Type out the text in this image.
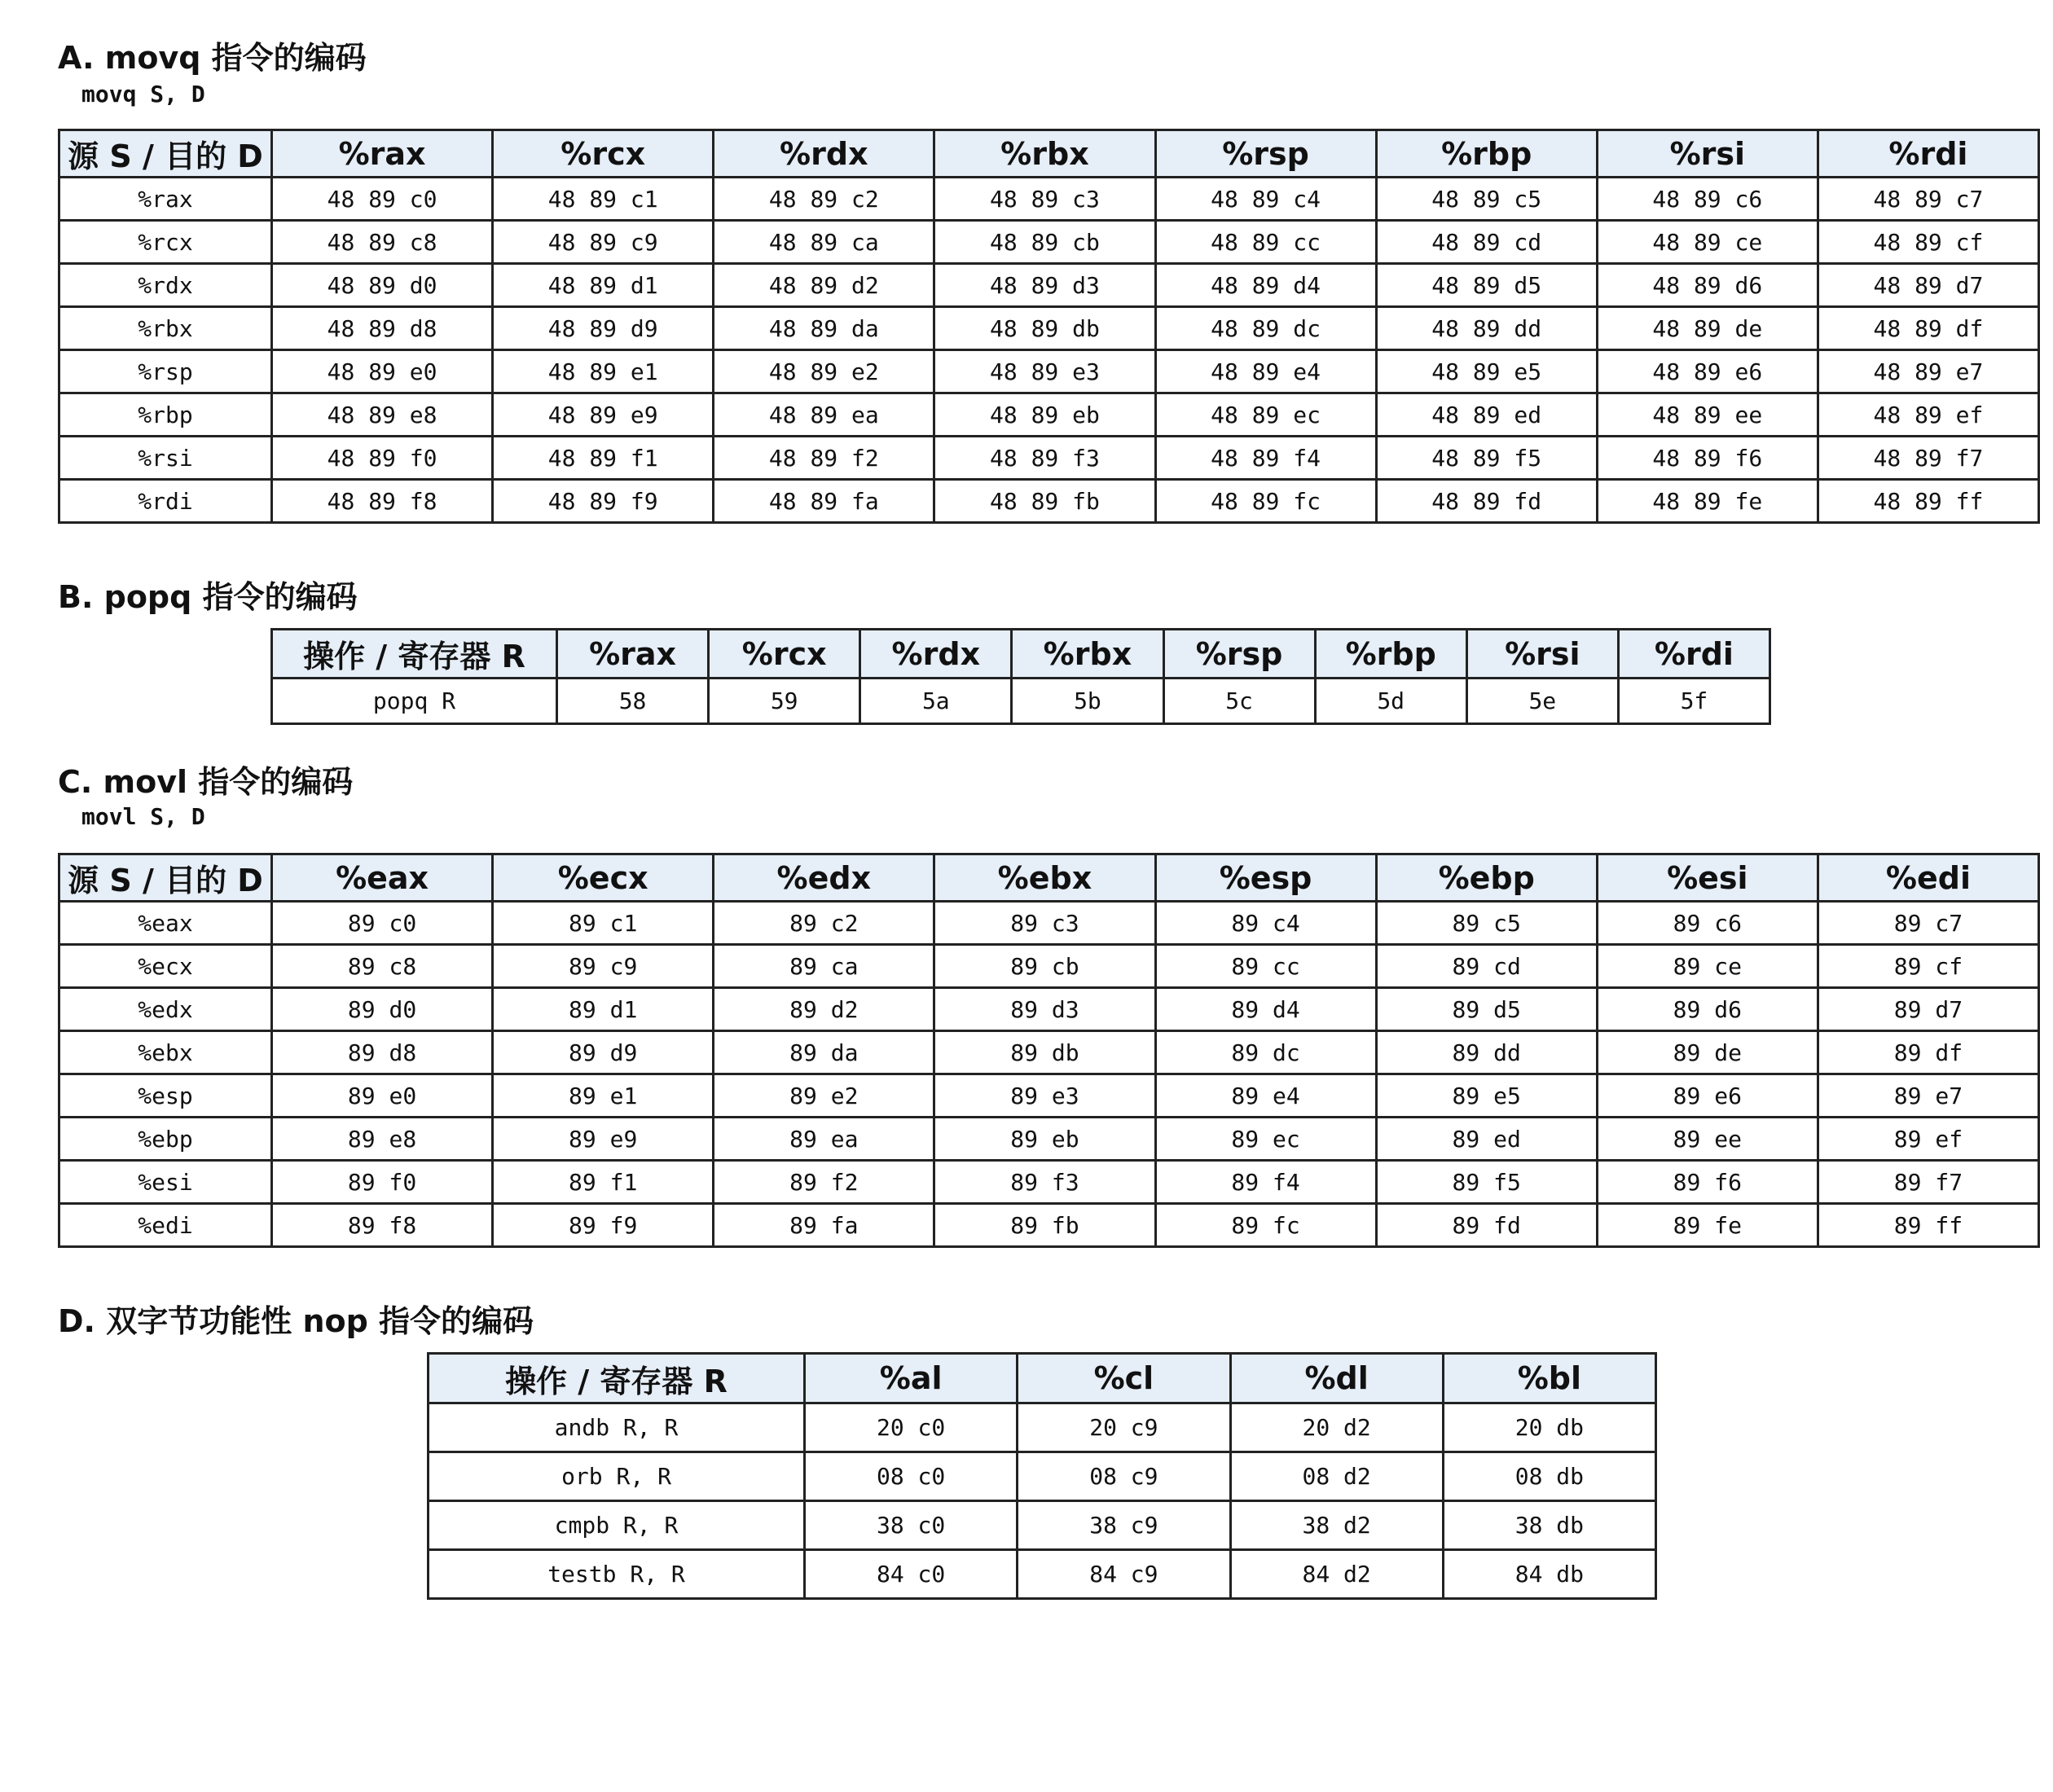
A. movq 指令的编码
movq S, D
源 S / 目的 D	%rax	%rcx	%rdx	%rbx	%rsp	%rbp	%rsi	%rdi
%rax	48 89 c0	48 89 c1	48 89 c2	48 89 c3	48 89 c4	48 89 c5	48 89 c6	48 89 c7
%rcx	48 89 c8	48 89 c9	48 89 ca	48 89 cb	48 89 cc	48 89 cd	48 89 ce	48 89 cf
%rdx	48 89 d0	48 89 d1	48 89 d2	48 89 d3	48 89 d4	48 89 d5	48 89 d6	48 89 d7
%rbx	48 89 d8	48 89 d9	48 89 da	48 89 db	48 89 dc	48 89 dd	48 89 de	48 89 df
%rsp	48 89 e0	48 89 e1	48 89 e2	48 89 e3	48 89 e4	48 89 e5	48 89 e6	48 89 e7
%rbp	48 89 e8	48 89 e9	48 89 ea	48 89 eb	48 89 ec	48 89 ed	48 89 ee	48 89 ef
%rsi	48 89 f0	48 89 f1	48 89 f2	48 89 f3	48 89 f4	48 89 f5	48 89 f6	48 89 f7
%rdi	48 89 f8	48 89 f9	48 89 fa	48 89 fb	48 89 fc	48 89 fd	48 89 fe	48 89 ff
B. popq 指令的编码
操作 / 寄存器 R	%rax	%rcx	%rdx	%rbx	%rsp	%rbp	%rsi	%rdi
popq R	58	59	5a	5b	5c	5d	5e	5f
C. movl 指令的编码
movl S, D
源 S / 目的 D	%eax	%ecx	%edx	%ebx	%esp	%ebp	%esi	%edi
%eax	89 c0	89 c1	89 c2	89 c3	89 c4	89 c5	89 c6	89 c7
%ecx	89 c8	89 c9	89 ca	89 cb	89 cc	89 cd	89 ce	89 cf
%edx	89 d0	89 d1	89 d2	89 d3	89 d4	89 d5	89 d6	89 d7
%ebx	89 d8	89 d9	89 da	89 db	89 dc	89 dd	89 de	89 df
%esp	89 e0	89 e1	89 e2	89 e3	89 e4	89 e5	89 e6	89 e7
%ebp	89 e8	89 e9	89 ea	89 eb	89 ec	89 ed	89 ee	89 ef
%esi	89 f0	89 f1	89 f2	89 f3	89 f4	89 f5	89 f6	89 f7
%edi	89 f8	89 f9	89 fa	89 fb	89 fc	89 fd	89 fe	89 ff
D. 双字节功能性 nop 指令的编码
操作 / 寄存器 R	%al	%cl	%dl	%bl
andb R, R	20 c0	20 c9	20 d2	20 db
orb R, R	08 c0	08 c9	08 d2	08 db
cmpb R, R	38 c0	38 c9	38 d2	38 db
testb R, R	84 c0	84 c9	84 d2	84 db
